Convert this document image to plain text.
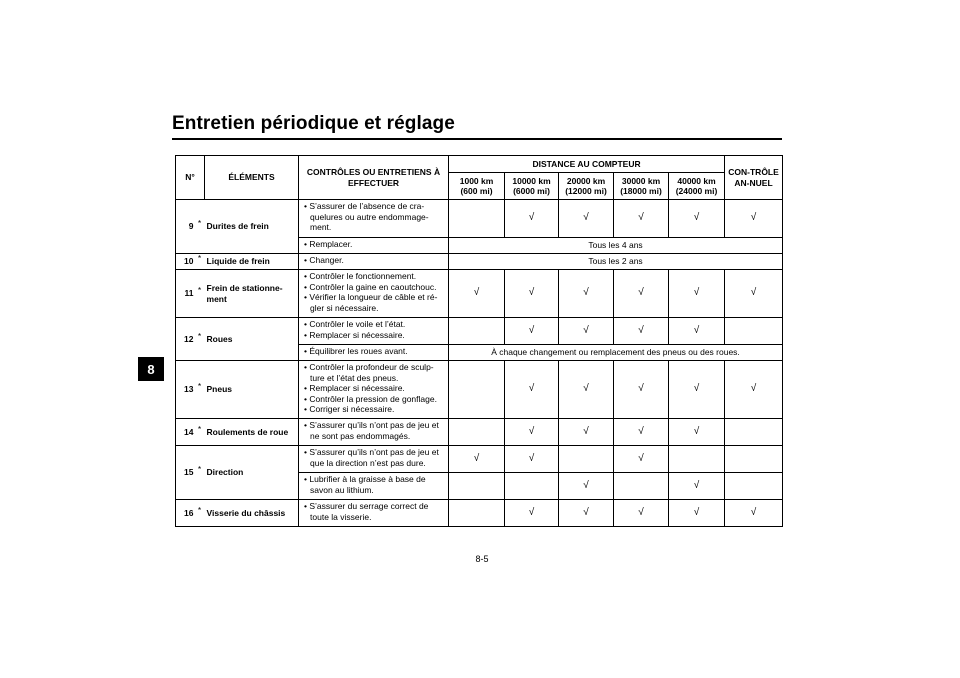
Entretien périodique et réglage
8
N°		ÉLÉMENTS	CONTRÔLES OU ENTRETIENS À EFFECTUER	DISTANCE AU COMPTEUR					CON-TRÔLE AN-NUEL
				1000 km (600 mi)	10000 km (6000 mi)	20000 km (12000 mi)	30000 km (18000 mi)	40000 km (24000 mi)	
9	*	Durites de frein	• S’assurer de l’absence de cra-quelures ou autre endommage-ment.		√	√	√	√	√

			• Remplacer.	Tous les 4 ans					
10	*	Liquide de frein	• Changer.	Tous les 2 ans					
11	*	Frein de stationne-ment	• Contrôler le fonctionnement.
• Contrôler la gaine en caoutchouc.
• Vérifier la longueur de câble et ré-gler si nécessaire.	√	√	√	√	√	√
12	*	Roues	• Contrôler le voile et l’état.
• Remplacer si nécessaire.		√	√	√	√	

			• Équilibrer les roues avant.	À chaque changement ou remplacement des pneus ou des roues.					
13	*	Pneus	• Contrôler la profondeur de sculp-ture et l’état des pneus.
• Remplacer si nécessaire.
• Contrôler la pression de gonflage.
• Corriger si nécessaire.		√	√	√	√	√
14	*	Roulements de roue	• S’assurer qu’ils n’ont pas de jeu et ne sont pas endommagés.		√	√	√	√	
15	*	Direction	• S’assurer qu’ils n’ont pas de jeu et que la direction n’est pas dure.	√	√		√		

			• Lubrifier à la graisse à base de savon au lithium.			√		√	
16	*	Visserie du châssis	• S’assurer du serrage correct de toute la visserie.		√	√	√	√	√
8-5
